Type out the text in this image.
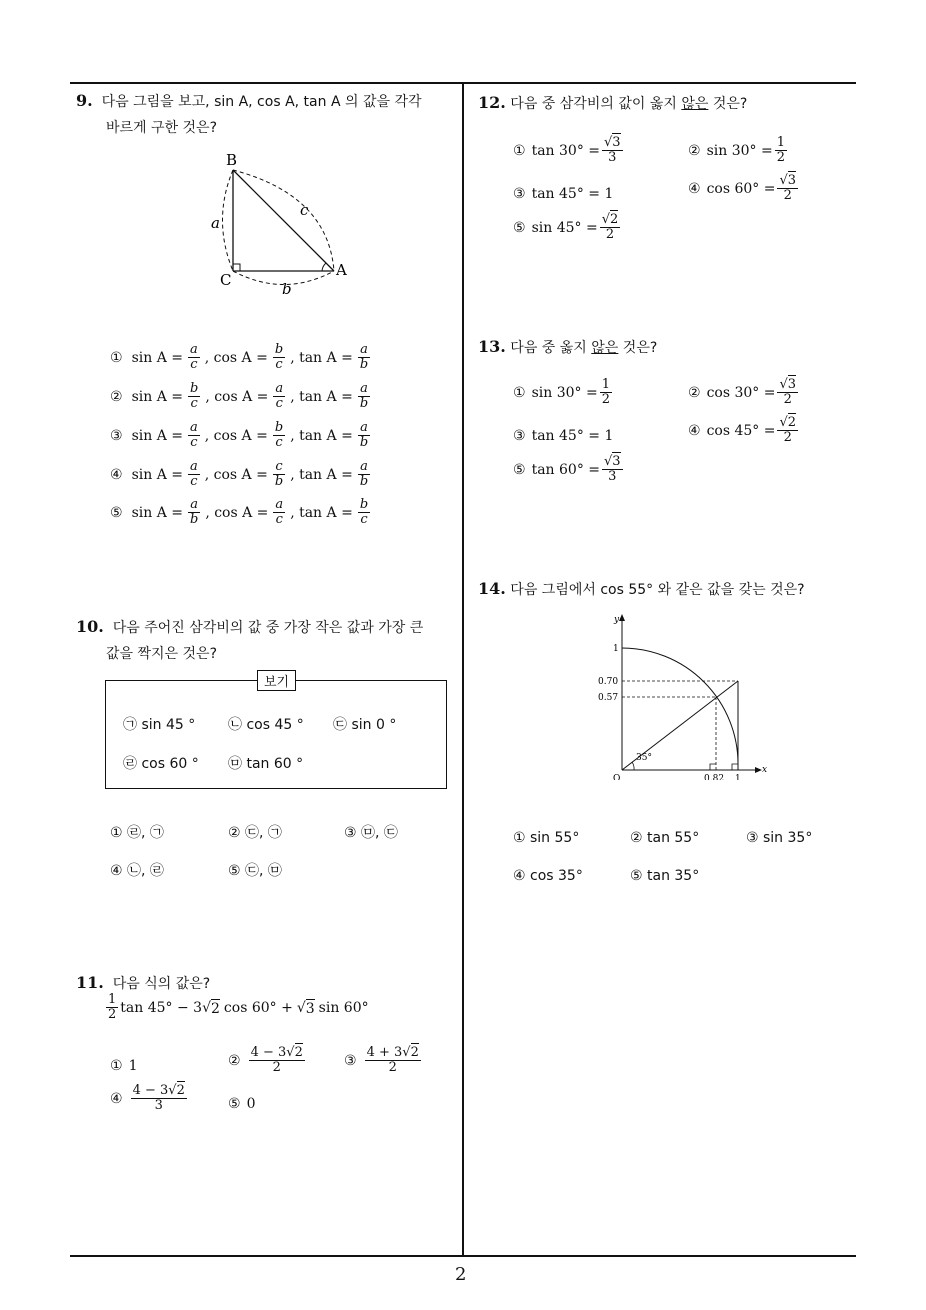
2
9. 다음 그림을 보고, sin A, cos A, tan A 의 값을 각각
바르게 구한 것은?
B
C
A
a
b
c
① $\sin A = \frac{a}{c}$ , $\cos A = \frac{b}{c}$ , $\tan A = \frac{a}{b}$
② $\sin A = \frac{b}{c}$ , $\cos A = \frac{a}{c}$ , $\tan A = \frac{a}{b}$
③ $\sin A = \frac{a}{c}$ , $\cos A = \frac{b}{c}$ , $\tan A = \frac{a}{b}$
④ $\sin A = \frac{a}{c}$ , $\cos A = \frac{c}{b}$ , $\tan A = \frac{a}{b}$
⑤ $\sin A = \frac{a}{b}$ , $\cos A = \frac{a}{c}$ , $\tan A = \frac{b}{c}$
10. 다음 주어진 삼각비의 값 중 가장 작은 값과 가장 큰
값을 짝지은 것은?
보기
㉠ sin 45 ° ㉡ cos 45 ° ㉢ sin 0 °
㉣ cos 60 ° ㉤ tan 60 °
① ㉣, ㉠	② ㉢, ㉠	③ ㉤, ㉢
④ ㉡, ㉣	⑤ ㉢, ㉤
11. 다음 식의 값은?
$\frac{1}{2}$ tan 45° − 3 √ 2 cos 60° + √ 3 sin 60°
① 1	② $\frac{4 - 3√2}{2}$	③ $\frac{4 + 3√2}{2}$
④ $\frac{4 - 3√2}{3}$	⑤ 0
12. 다음 중 삼각비의 값이 옳지 않은 것은?
① $\tan 30^\circ = \frac{√3}{3}$	② $\sin 30^\circ = \frac{1}{2}$
③ tan 45° = 1	④ $\cos 60^\circ = \frac{√3}{2}$
⑤ $\sin 45^\circ = \frac{√2}{2}$
13. 다음 중 옳지 않은 것은?
① $\sin 30^\circ = \frac{1}{2}$	② $\cos 30^\circ = \frac{√3}{2}$
③ tan 45° = 1	④ $\cos 45^\circ = \frac{√2}{2}$
⑤ $\tan 60^\circ = \frac{√3}{3}$
14. 다음 그림에서 cos 55° 와 같은 값을 갖는 것은?
y
x
1
0.70
0.57
35°
O	0.82 1
① sin 55°	② tan 55°	③ sin 35°
④ cos 35°	⑤ tan 35°
